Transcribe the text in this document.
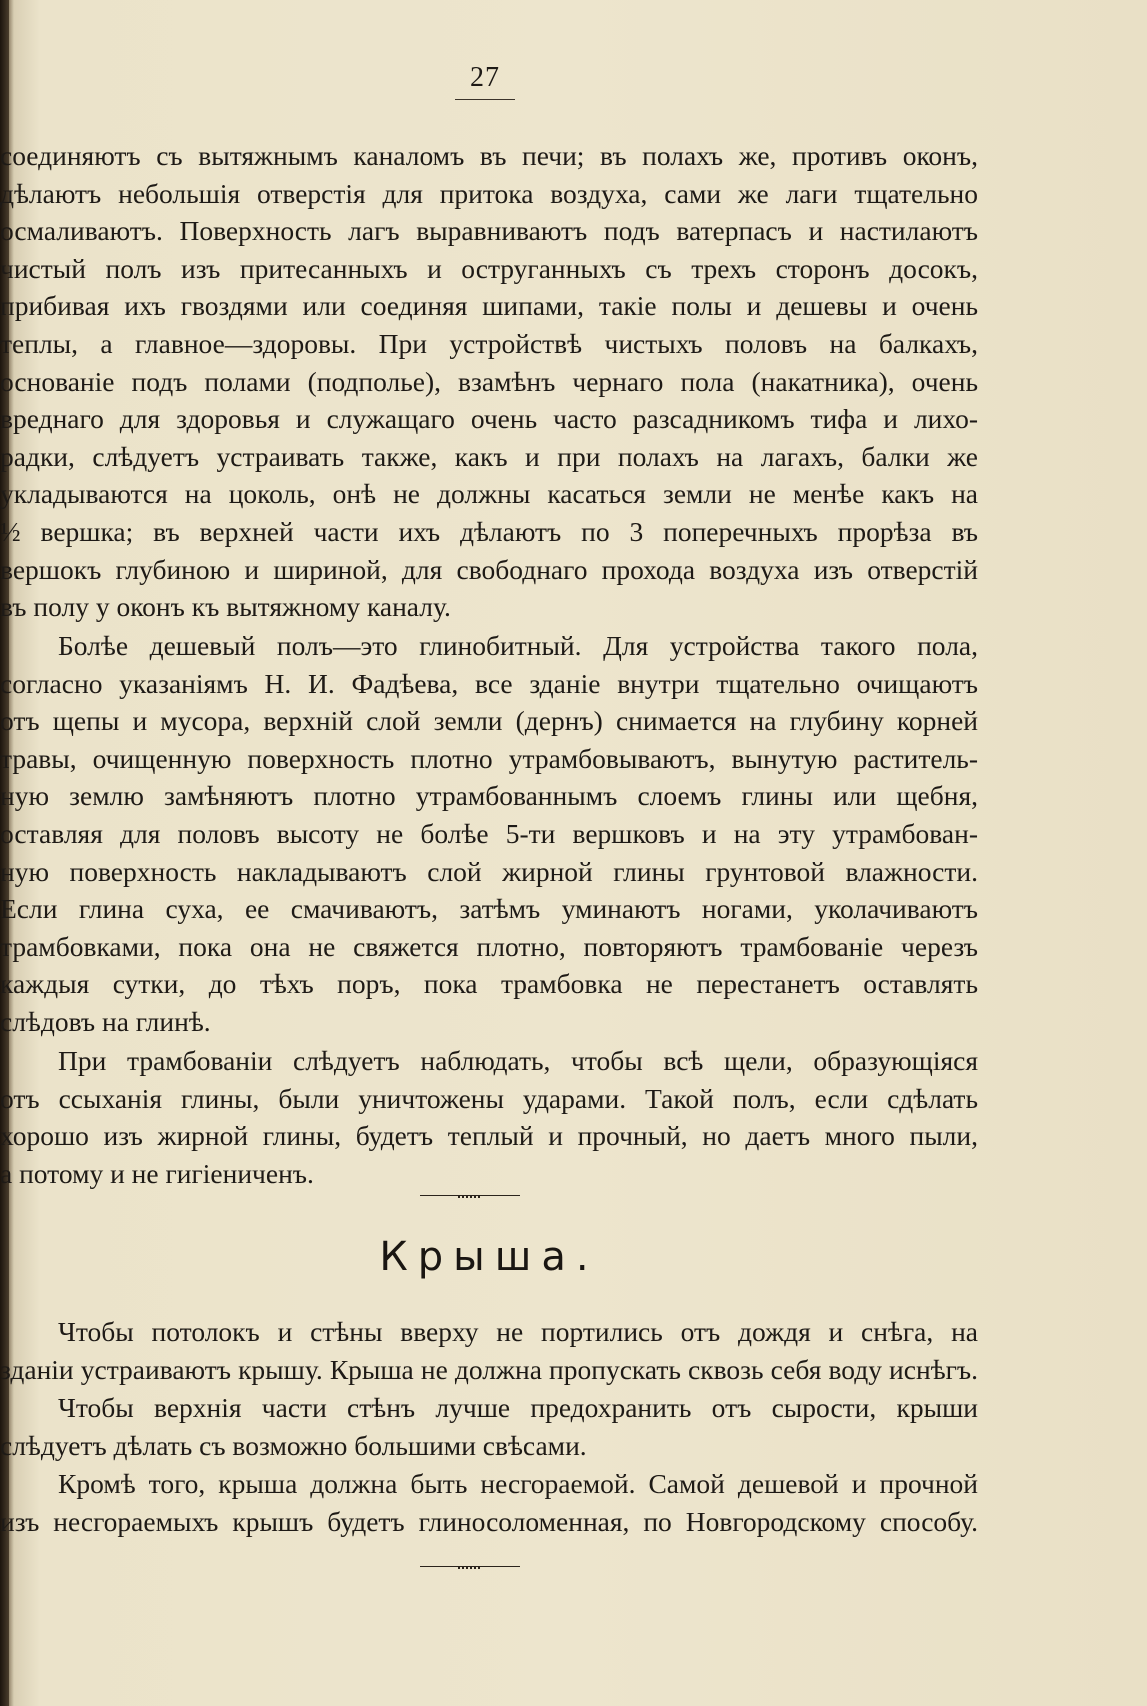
27
соединяютъ съ вытяжнымъ каналомъ въ печи; въ полахъ же, противъ оконъ,
дѣлаютъ небольшія отверстія для притока воздуха, сами же лаги тщательно
осмаливаютъ. Поверхность лагъ выравниваютъ подъ ватерпасъ и настилаютъ
чистый полъ изъ притесанныхъ и оструганныхъ съ трехъ сторонъ досокъ,
прибивая ихъ гвоздями или соединяя шипами, такіе полы и дешевы и очень
теплы, а главное—здоровы. При устройствѣ чистыхъ половъ на балкахъ,
основаніе подъ полами (подполье), взамѣнъ чернаго пола (накатника), очень
вреднаго для здоровья и служащаго очень часто разсадникомъ тифа и лихо-
радки, слѣдуетъ устраивать также, какъ и при полахъ на лагахъ, балки же
укладываются на цоколь, онѣ не должны касаться земли не менѣе какъ на
½ вершка; въ верхней части ихъ дѣлаютъ по 3 поперечныхъ прорѣза въ
вершокъ глубиною и шириной, для свободнаго прохода воздуха изъ отверстій
въ полу у оконъ къ вытяжному каналу.
Болѣе дешевый полъ—это глинобитный. Для устройства такого пола,
согласно указаніямъ Н. И. Фадѣева, все зданіе внутри тщательно очищаютъ
отъ щепы и мусора, верхній слой земли (дернъ) снимается на глубину корней
травы, очищенную поверхность плотно утрамбовываютъ, вынутую раститель-
ную землю замѣняютъ плотно утрамбованнымъ слоемъ глины или щебня,
оставляя для половъ высоту не болѣе 5-ти вершковъ и на эту утрамбован-
ную поверхность накладываютъ слой жирной глины грунтовой влажности.
Если глина суха, ее смачиваютъ, затѣмъ уминаютъ ногами, уколачиваютъ
трамбовками, пока она не свяжется плотно, повторяютъ трамбованіе черезъ
каждыя сутки, до тѣхъ поръ, пока трамбовка не перестанетъ оставлять
слѣдовъ на глинѣ.
При трамбованіи слѣдуетъ наблюдать, чтобы всѣ щели, образующіяся
отъ ссыханія глины, были уничтожены ударами. Такой полъ, если сдѣлать
хорошо изъ жирной глины, будетъ теплый и прочный, но даетъ много пыли,
а потому и не гигіениченъ.
Крыша.
Чтобы потолокъ и стѣны вверху не портились отъ дождя и снѣга, на
зданіи устраиваютъ крышу. Крыша не должна пропускать сквозь себя воду иснѣгъ.
Чтобы верхнія части стѣнъ лучше предохранить отъ сырости, крыши
слѣдуетъ дѣлать съ возможно большими свѣсами.
Кромѣ того, крыша должна быть несгораемой. Самой дешевой и прочной
изъ несгораемыхъ крышъ будетъ глиносоломенная, по Новгородскому способу.
